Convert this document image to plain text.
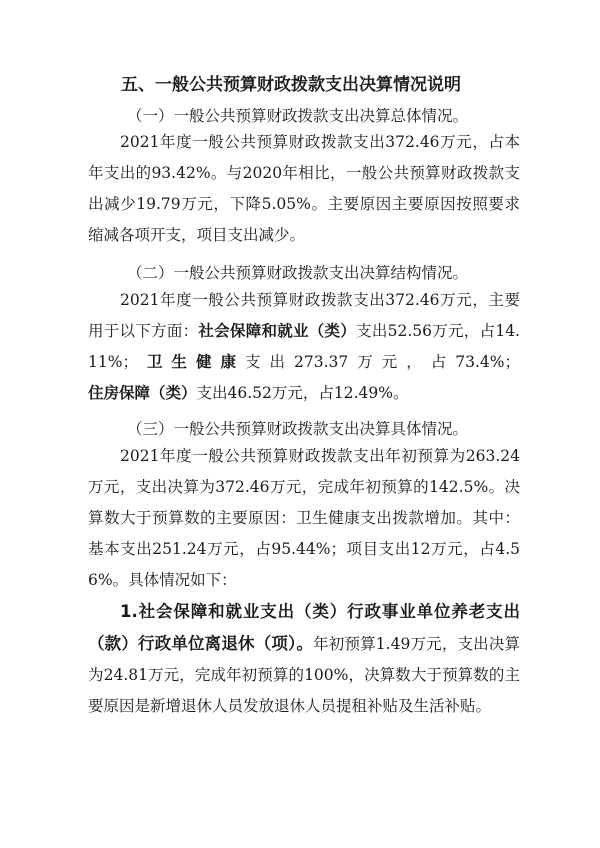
五、一般公共预算财政拨款支出决算情况说明
（一）一般公共预算财政拨款支出决算总体情况。
2021年度一般公共预算财政拨款支出372.46万元，占本年支出的93.42%。与2020年相比，一般公共预算财政拨款支出减少19.79万元，下降5.05%。主要原因主要原因按照要求缩减各项开支，项目支出减少。
（二）一般公共预算财政拨款支出决算结构情况。
2021年度一般公共预算财政拨款支出372.46万元，主要用于以下方面：社会保障和就业（类）支出52.56万元，占14.11%；卫生健康支出273.37万元，占73.4%；住房保障（类）支出46.52万元，占12.49%。
（三）一般公共预算财政拨款支出决算具体情况。
2021年度一般公共预算财政拨款支出年初预算为263.24万元，支出决算为372.46万元，完成年初预算的142.5%。决算数大于预算数的主要原因：卫生健康支出拨款增加。其中：基本支出251.24万元，占95.44%；项目支出12万元，占4.56%。具体情况如下：
1.社会保障和就业支出（类）行政事业单位养老支出（款）行政单位离退休（项）。年初预算1.49万元，支出决算为24.81万元，完成年初预算的100%，决算数大于预算数的主要原因是新增退休人员发放退休人员提租补贴及生活补贴。
